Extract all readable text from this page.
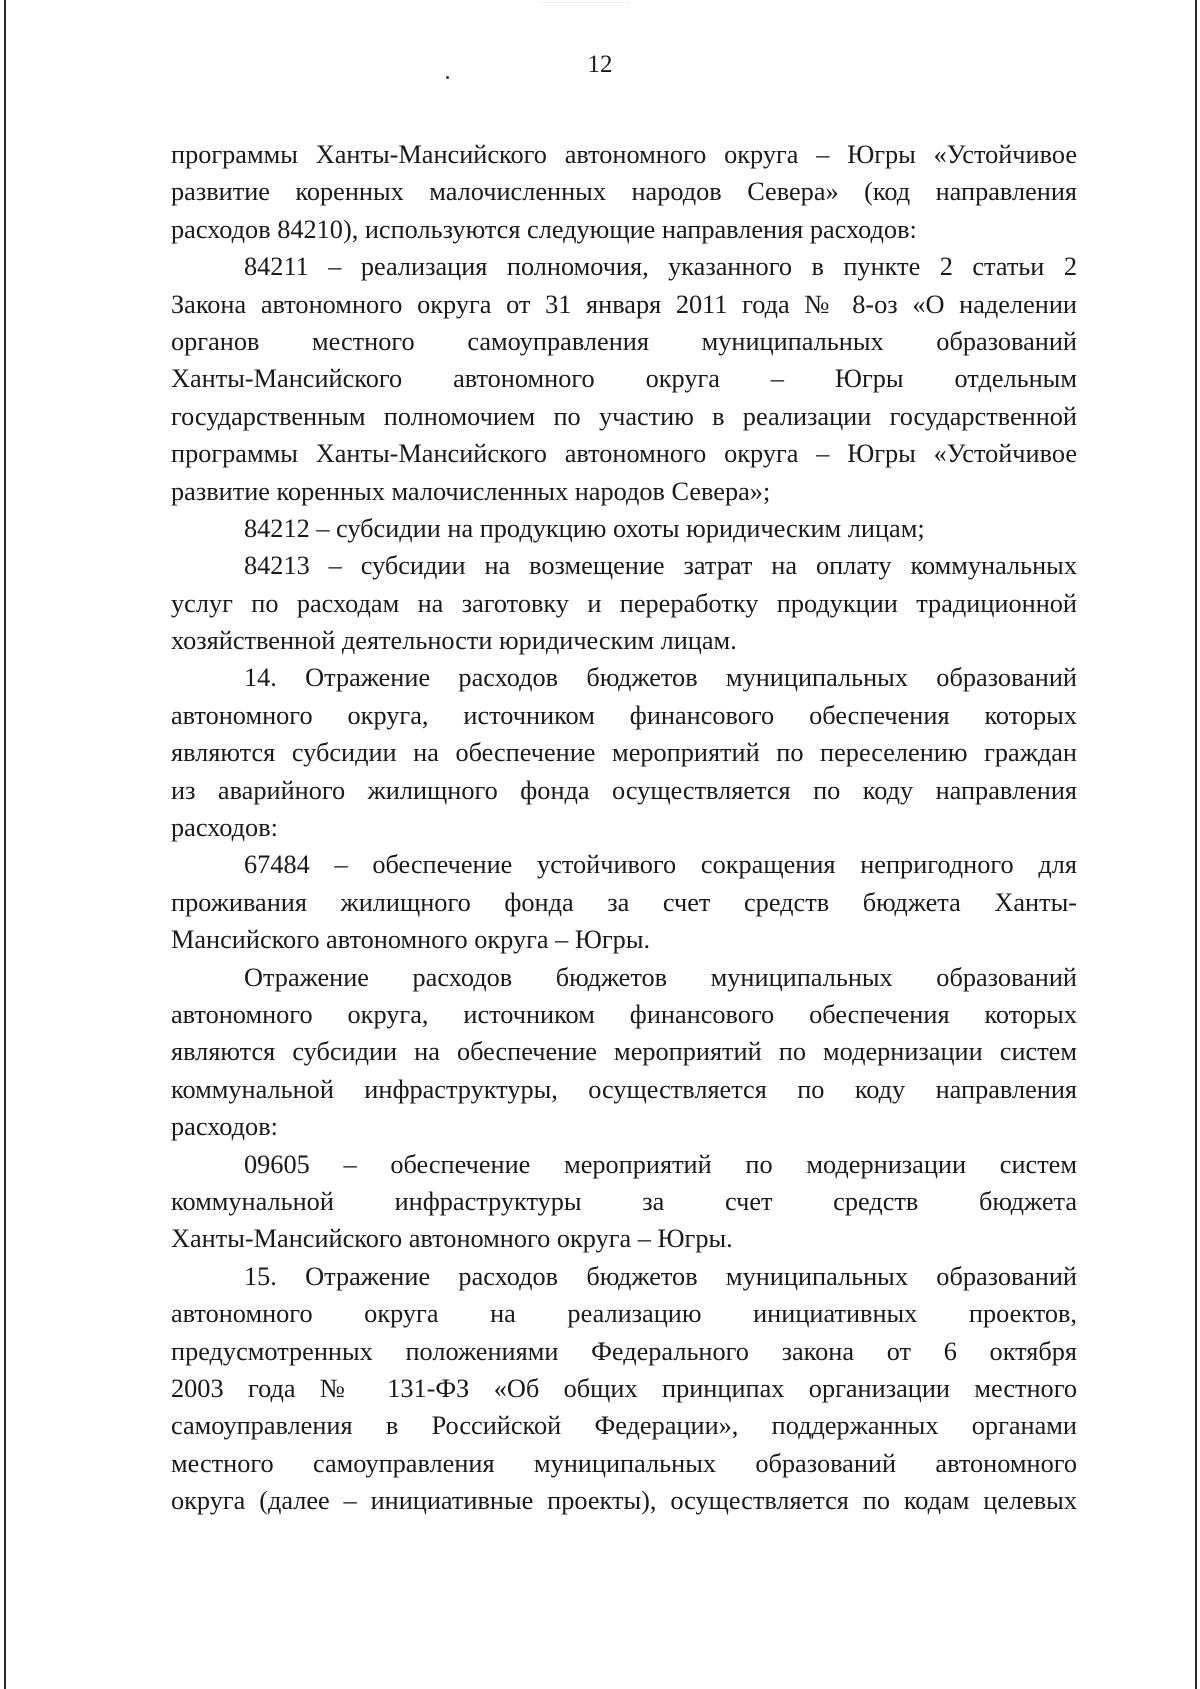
12
программы Ханты-Мансийского автономного округа – Югры «Устойчивое
развитие коренных малочисленных народов Севера» (код направления
расходов 84210), используются следующие направления расходов:
84211 – реализация полномочия, указанного в пункте 2 статьи 2
Закона автономного округа от 31 января 2011 года № 8-оз «О наделении
органов местного самоуправления муниципальных образований
Ханты-Мансийского автономного округа – Югры отдельным
государственным полномочием по участию в реализации государственной
программы Ханты-Мансийского автономного округа – Югры «Устойчивое
развитие коренных малочисленных народов Севера»;
84212 – субсидии на продукцию охоты юридическим лицам;
84213 – субсидии на возмещение затрат на оплату коммунальных
услуг по расходам на заготовку и переработку продукции традиционной
хозяйственной деятельности юридическим лицам.
14. Отражение расходов бюджетов муниципальных образований
автономного округа, источником финансового обеспечения которых
являются субсидии на обеспечение мероприятий по переселению граждан
из аварийного жилищного фонда осуществляется по коду направления
расходов:
67484 – обеспечение устойчивого сокращения непригодного для
проживания жилищного фонда за счет средств бюджета Ханты-
Мансийского автономного округа – Югры.
Отражение расходов бюджетов муниципальных образований
автономного округа, источником финансового обеспечения которых
являются субсидии на обеспечение мероприятий по модернизации систем
коммунальной инфраструктуры, осуществляется по коду направления
расходов:
09605 – обеспечение мероприятий по модернизации систем
коммунальной инфраструктуры за счет средств бюджета
Ханты-Мансийского автономного округа – Югры.
15. Отражение расходов бюджетов муниципальных образований
автономного округа на реализацию инициативных проектов,
предусмотренных положениями Федерального закона от 6 октября
2003 года № 131-ФЗ «Об общих принципах организации местного
самоуправления в Российской Федерации», поддержанных органами
местного самоуправления муниципальных образований автономного
округа (далее – инициативные проекты), осуществляется по кодам целевых
